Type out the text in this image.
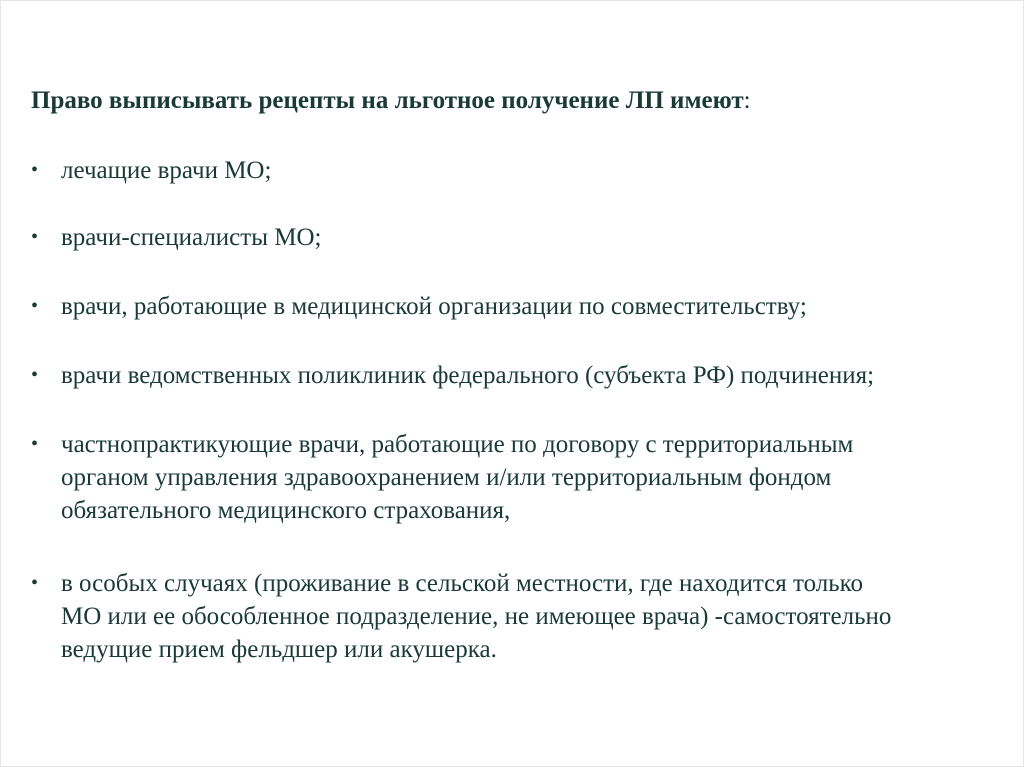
Право выписывать рецепты на льготное получение ЛП имеют:
• лечащие врачи МО;
• врачи-специалисты МО;
• врачи, работающие в медицинской организации по совместительству;
• врачи ведомственных поликлиник федерального (субъекта РФ) подчинения;
• частнопрактикующие врачи, работающие по договору с территориальным
органом управления здравоохранением и/или территориальным фондом
обязательного медицинского страхования,
• в особых случаях (проживание в сельской местности, где находится только
МО или ее обособленное подразделение, не имеющее врача) -самостоятельно
ведущие прием фельдшер или акушерка.
